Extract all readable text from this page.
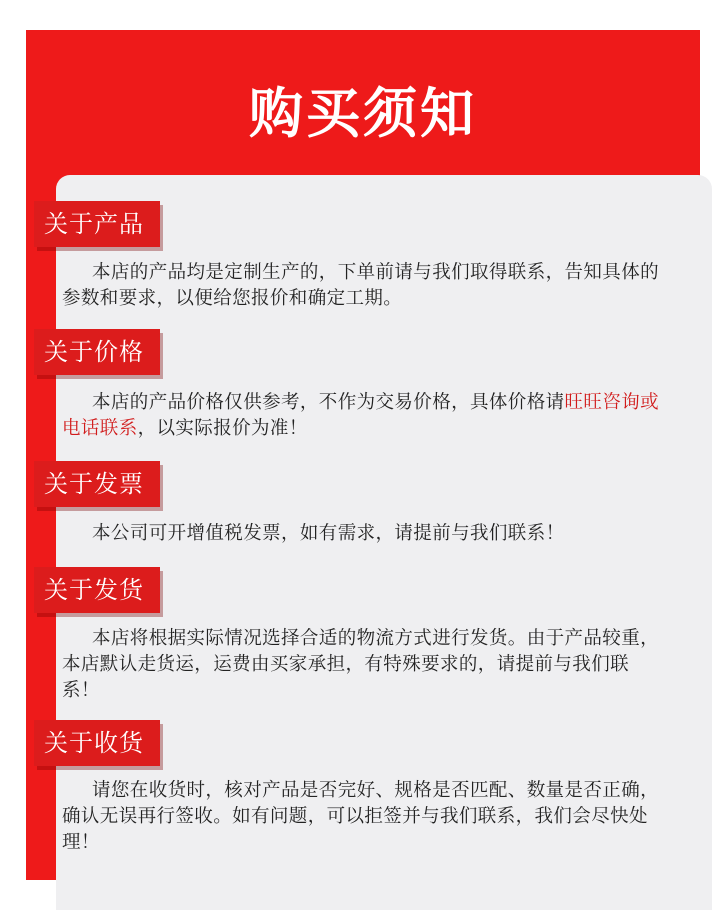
购买须知
关于产品
本店的产品均是定制生产的，下单前请与我们取得联系，告知具体的参数和要求，以便给您报价和确定工期。
关于价格
本店的产品价格仅供参考，不作为交易价格，具体价格请旺旺咨询或电话联系，以实际报价为准！
关于发票
本公司可开增值税发票，如有需求，请提前与我们联系！
关于发货
本店将根据实际情况选择合适的物流方式进行发货。由于产品较重，本店默认走货运，运费由买家承担，有特殊要求的，请提前与我们联系！
关于收货
请您在收货时，核对产品是否完好、规格是否匹配、数量是否正确，确认无误再行签收。如有问题，可以拒签并与我们联系，我们会尽快处理！
